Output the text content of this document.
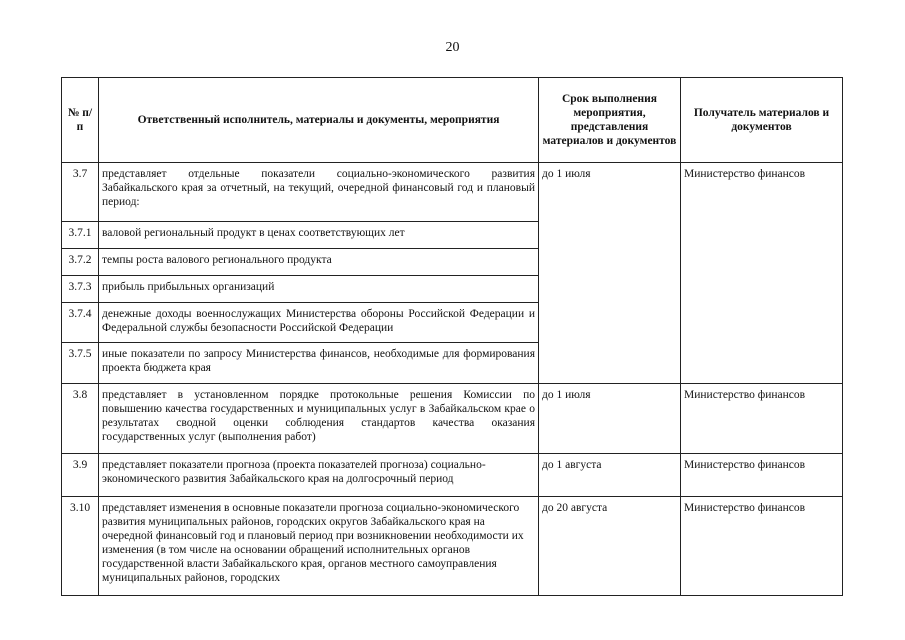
20
№ п/п	Ответственный исполнитель, материалы и документы, мероприятия	Срок выполнения мероприятия, представления материалов и документов	Получатель материалов и документов
3.7	представляет отдельные показатели социально-экономического развития Забайкальского края за отчетный, на текущий, очередной финансовый год и плановый период:	до 1 июля	Министерство финансов
3.7.1	валовой региональный продукт в ценах соответствующих лет		
3.7.2	темпы роста валового регионального продукта		
3.7.3	прибыль прибыльных организаций		
3.7.4	денежные доходы военнослужащих Министерства обороны Российской Федерации и Федеральной службы безопасности Российской Федерации		
3.7.5	иные показатели по запросу Министерства финансов, необходимые для формирования проекта бюджета края		
3.8	представляет в установленном порядке протокольные решения Комиссии по повышению качества государственных и муниципальных услуг в Забайкальском крае о результатах сводной оценки соблюдения стандартов качества оказания государственных услуг (выполнения работ)	до 1 июля	Министерство финансов
3.9	представляет показатели прогноза (проекта показателей прогноза) социально-экономического развития Забайкальского края на долгосрочный период	до 1 августа	Министерство финансов
3.10	представляет изменения в основные показатели прогноза социально-экономического развития муниципальных районов, городских округов Забайкальского края на очередной финансовый год и плановый период при возникновении необходимости их изменения (в том числе на основании обращений исполнительных органов государственной власти Забайкальского края, органов местного самоуправления муниципальных районов, городских	до 20 августа	Министерство финансов
